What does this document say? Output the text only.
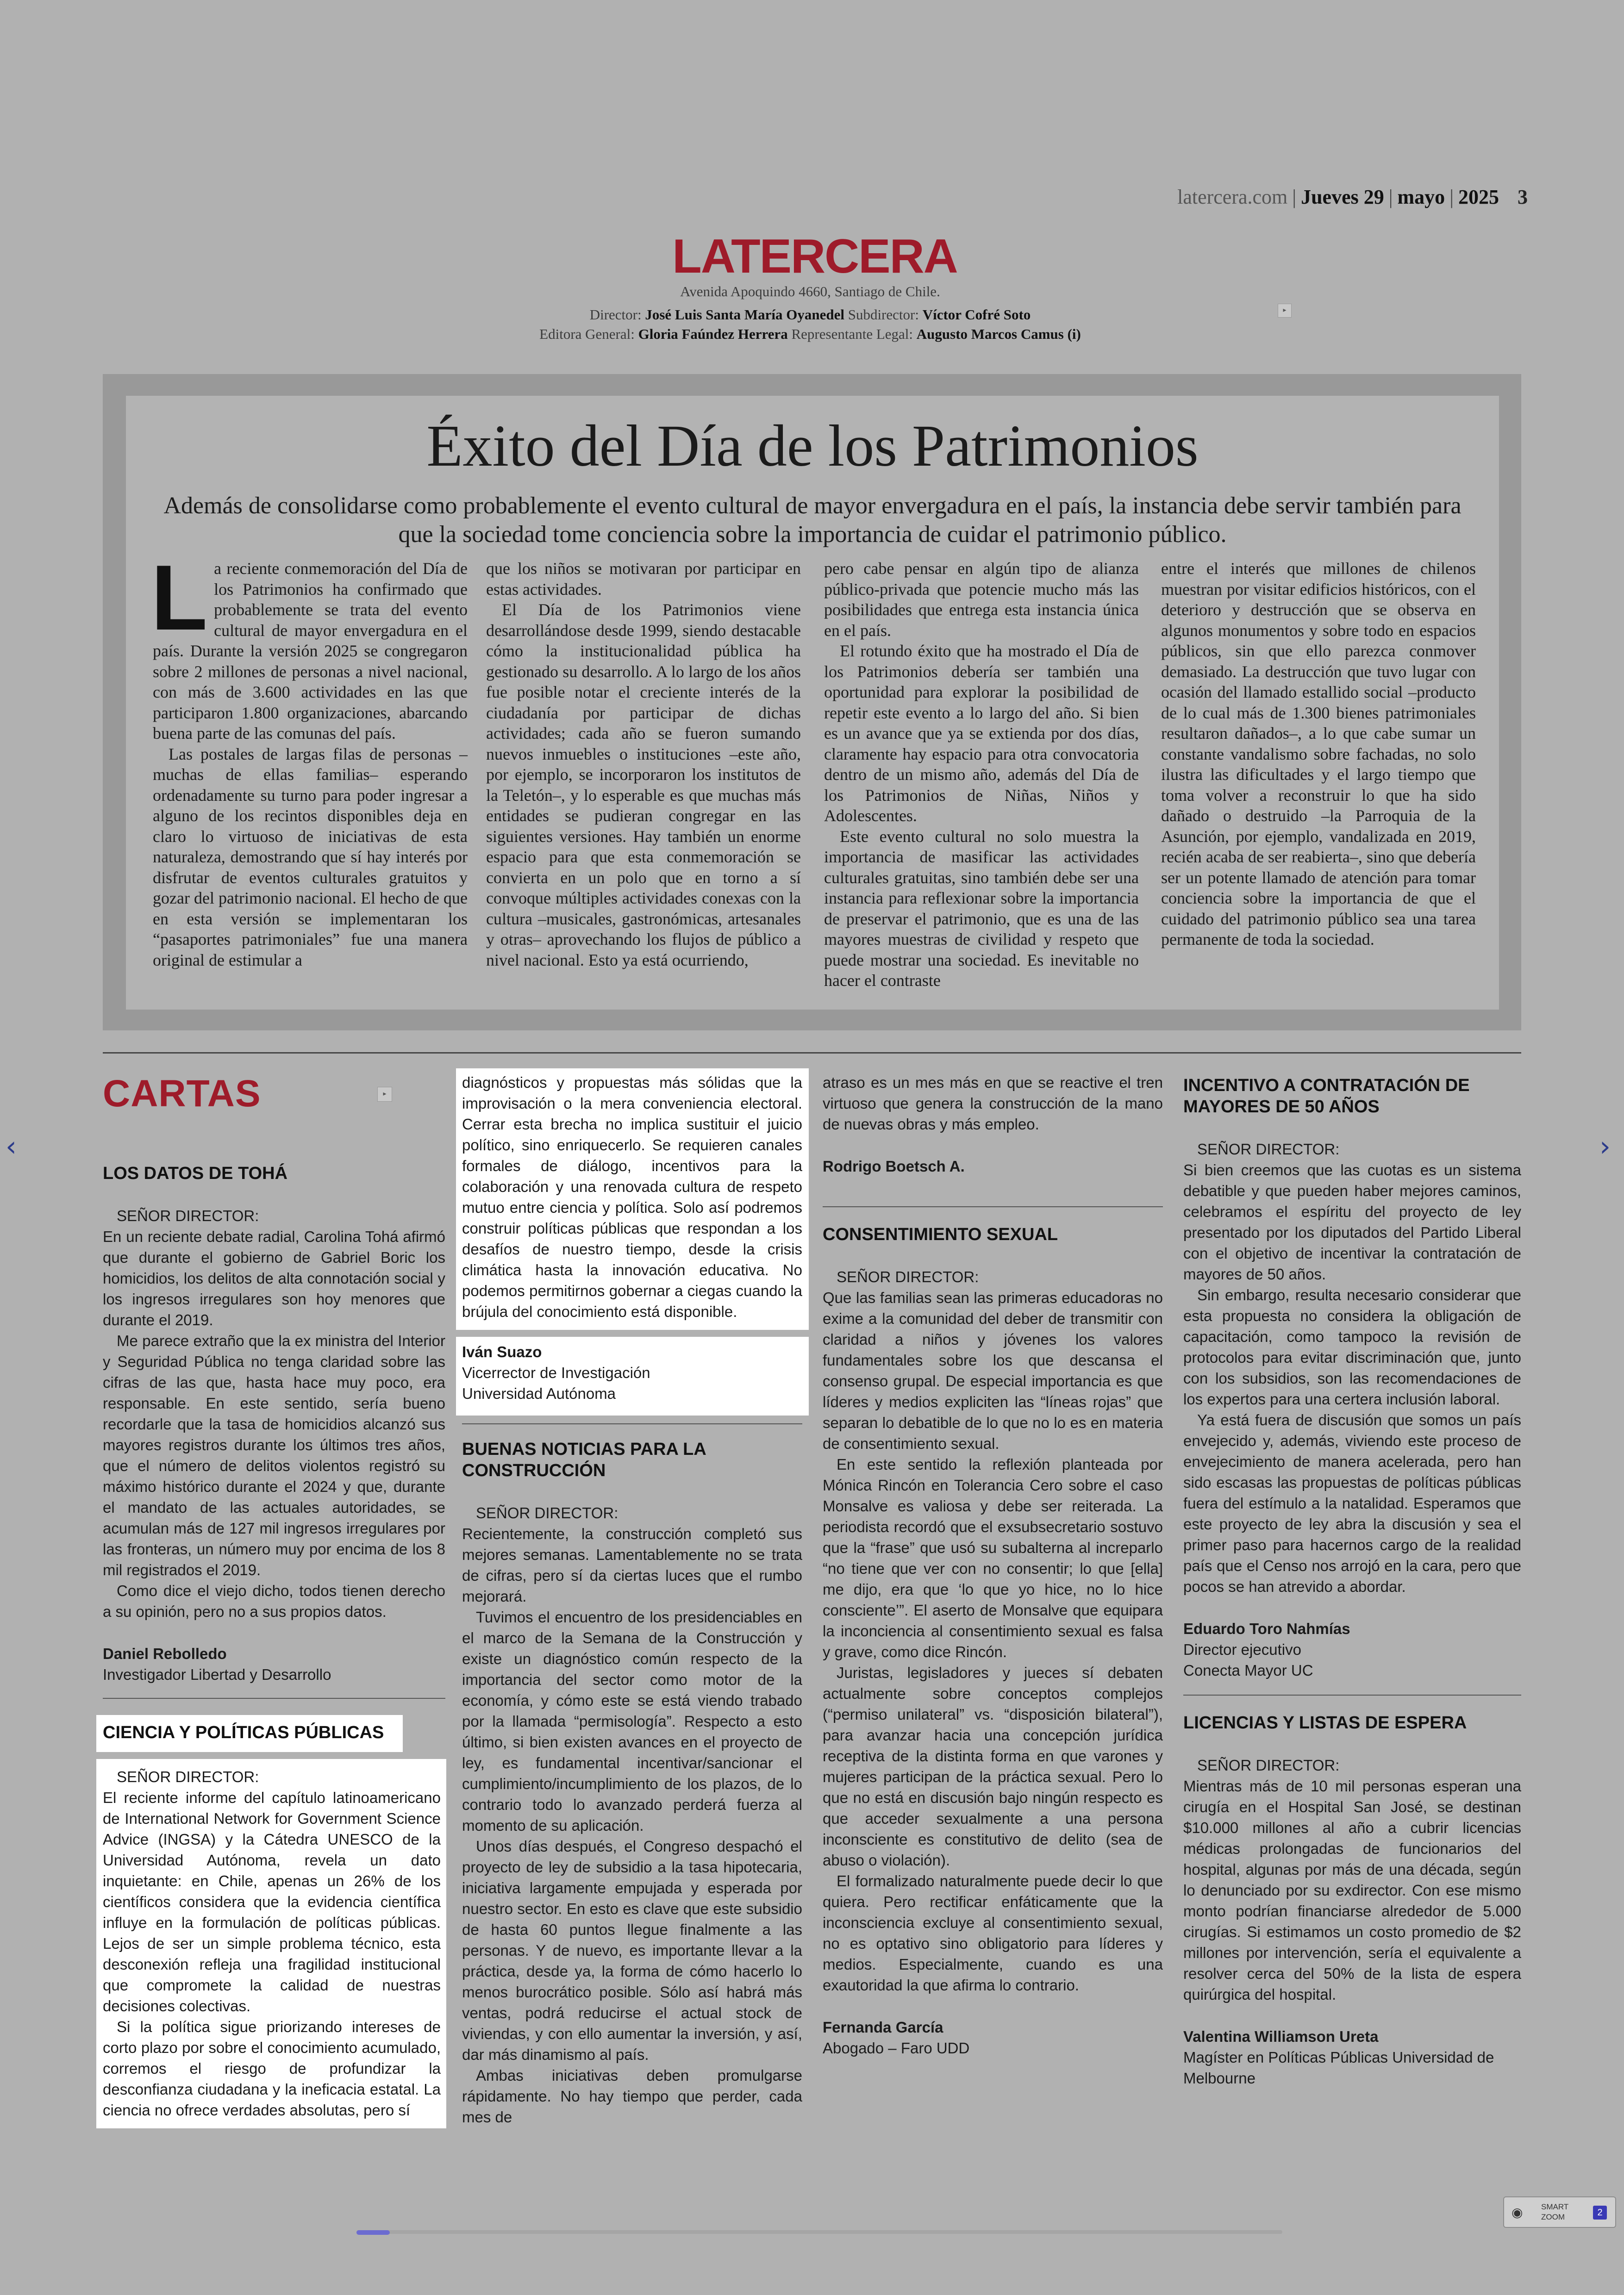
latercera.com | Jueves 29 | mayo | 2025 3
LATERCERA
Avenida Apoquindo 4660, Santiago de Chile.
Director: José Luis Santa María Oyanedel Subdirector: Víctor Cofré Soto
Editora General: Gloria Faúndez Herrera Representante Legal: Augusto Marcos Camus (i)
▸
Éxito del Día de los Patrimonios
Además de consolidarse como probablemente el evento cultural de mayor envergadura en el país, la instancia debe servir también para que la sociedad tome conciencia sobre la importancia de cuidar el patrimonio público.

La reciente conmemoración del Día de los Patrimonios ha confirmado que probablemente se trata del evento cultural de mayor envergadura en el país. Durante la versión 2025 se congregaron sobre 2 millones de personas a nivel nacional, con más de 3.600 actividades en las que participaron 1.800 organizaciones, abarcando buena parte de las comunas del país.

Las postales de largas filas de personas –muchas de ellas familias– esperando ordenadamente su turno para poder ingresar a alguno de los recintos disponibles deja en claro lo virtuoso de iniciativas de esta naturaleza, demostrando que sí hay interés por disfrutar de eventos culturales gratuitos y gozar del patrimonio nacional. El hecho de que en esta versión se implementaran los “pasaportes patrimoniales” fue una manera original de estimular a

que los niños se motivaran por participar en estas actividades.

El Día de los Patrimonios viene desarrollándose desde 1999, siendo destacable cómo la institucionalidad pública ha gestionado su desarrollo. A lo largo de los años fue posible notar el creciente interés de la ciudadanía por participar de dichas actividades; cada año se fueron sumando nuevos inmuebles o instituciones –este año, por ejemplo, se incorporaron los institutos de la Teletón–, y lo esperable es que muchas más entidades se pudieran congregar en las siguientes versiones. Hay también un enorme espacio para que esta conmemoración se convierta en un polo que en torno a sí convoque múltiples actividades conexas con la cultura –musicales, gastronómicas, artesanales y otras– aprovechando los flujos de público a nivel nacional. Esto ya está ocurriendo,

pero cabe pensar en algún tipo de alianza público-privada que potencie mucho más las posibilidades que entrega esta instancia única en el país.

El rotundo éxito que ha mostrado el Día de los Patrimonios debería ser también una oportunidad para explorar la posibilidad de repetir este evento a lo largo del año. Si bien es un avance que ya se extienda por dos días, claramente hay espacio para otra convocatoria dentro de un mismo año, además del Día de los Patrimonios de Niñas, Niños y Adolescentes.

Este evento cultural no solo muestra la importancia de masificar las actividades culturales gratuitas, sino también debe ser una instancia para reflexionar sobre la importancia de preservar el patrimonio, que es una de las mayores muestras de civilidad y respeto que puede mostrar una sociedad. Es inevitable no hacer el contraste

entre el interés que millones de chilenos muestran por visitar edificios históricos, con el deterioro y destrucción que se observa en algunos monumentos y sobre todo en espacios públicos, sin que ello parezca conmover demasiado. La destrucción que tuvo lugar con ocasión del llamado estallido social –producto de lo cual más de 1.300 bienes patrimoniales resultaron dañados–, a lo que cabe sumar un constante vandalismo sobre fachadas, no solo ilustra las dificultades y el largo tiempo que toma volver a reconstruir lo que ha sido dañado o destruido –la Parroquia de la Asunción, por ejemplo, vandalizada en 2019, recién acaba de ser reabierta–, sino que debería ser un potente llamado de atención para tomar conciencia sobre la importancia de que el cuidado del patrimonio público sea una tarea permanente de toda la sociedad.

CARTAS	▸
LOS DATOS DE TOHÁ

SEÑOR DIRECTOR:

En un reciente debate radial, Carolina Tohá afirmó que durante el gobierno de Gabriel Boric los homicidios, los delitos de alta connotación social y los ingresos irregulares son hoy menores que durante el 2019.

Me parece extraño que la ex ministra del Interior y Seguridad Pública no tenga claridad sobre las cifras de las que, hasta hace muy poco, era responsable. En este sentido, sería bueno recordarle que la tasa de homicidios alcanzó sus mayores registros durante los últimos tres años, que el número de delitos violentos registró su máximo histórico durante el 2024 y que, durante el mandato de las actuales autoridades, se acumulan más de 127 mil ingresos irregulares por las fronteras, un número muy por encima de los 8 mil registrados el 2019.

Como dice el viejo dicho, todos tienen derecho a su opinión, pero no a sus propios datos.

Daniel Rebolledo
Investigador Libertad y Desarrollo
CIENCIA Y POLÍTICAS PÚBLICAS

SEÑOR DIRECTOR:

El reciente informe del capítulo latinoamericano de International Network for Government Science Advice (INGSA) y la Cátedra UNESCO de la Universidad Autónoma, revela un dato inquietante: en Chile, apenas un 26% de los científicos considera que la evidencia científica influye en la formulación de políticas públicas. Lejos de ser un simple problema técnico, esta desconexión refleja una fragilidad institucional que compromete la calidad de nuestras decisiones colectivas.

Si la política sigue priorizando intereses de corto plazo por sobre el conocimiento acumulado, corremos el riesgo de profundizar la desconfianza ciudadana y la ineficacia estatal. La ciencia no ofrece verdades absolutas, pero sí

diagnósticos y propuestas más sólidas que la improvisación o la mera conveniencia electoral. Cerrar esta brecha no implica sustituir el juicio político, sino enriquecerlo. Se requieren canales formales de diálogo, incentivos para la colaboración y una renovada cultura de respeto mutuo entre ciencia y política. Solo así podremos construir políticas públicas que respondan a los desafíos de nuestro tiempo, desde la crisis climática hasta la innovación educativa. No podemos permitirnos gobernar a ciegas cuando la brújula del conocimiento está disponible.

Iván Suazo
Vicerrector de Investigación
Universidad Autónoma
BUENAS NOTICIAS PARA LA CONSTRUCCIÓN

SEÑOR DIRECTOR:

Recientemente, la construcción completó sus mejores semanas. Lamentablemente no se trata de cifras, pero sí da ciertas luces que el rumbo mejorará.

Tuvimos el encuentro de los presidenciables en el marco de la Semana de la Construcción y existe un diagnóstico común respecto de la importancia del sector como motor de la economía, y cómo este se está viendo trabado por la llamada “permisología”. Respecto a esto último, si bien existen avances en el proyecto de ley, es fundamental incentivar/sancionar el cumplimiento/incumplimiento de los plazos, de lo contrario todo lo avanzado perderá fuerza al momento de su aplicación.

Unos días después, el Congreso despachó el proyecto de ley de subsidio a la tasa hipotecaria, iniciativa largamente empujada y esperada por nuestro sector. En esto es clave que este subsidio de hasta 60 puntos llegue finalmente a las personas. Y de nuevo, es importante llevar a la práctica, desde ya, la forma de cómo hacerlo lo menos burocrático posible. Sólo así habrá más ventas, podrá reducirse el actual stock de viviendas, y con ello aumentar la inversión, y así, dar más dinamismo al país.

Ambas iniciativas deben promulgarse rápidamente. No hay tiempo que perder, cada mes de

atraso es un mes más en que se reactive el tren virtuoso que genera la construcción de la mano de nuevas obras y más empleo.

Rodrigo Boetsch A.
CONSENTIMIENTO SEXUAL

SEÑOR DIRECTOR:

Que las familias sean las primeras educadoras no exime a la comunidad del deber de transmitir con claridad a niños y jóvenes los valores fundamentales sobre los que descansa el consenso grupal. De especial importancia es que líderes y medios expliciten las “líneas rojas” que separan lo debatible de lo que no lo es en materia de consentimiento sexual.

En este sentido la reflexión planteada por Mónica Rincón en Tolerancia Cero sobre el caso Monsalve es valiosa y debe ser reiterada. La periodista recordó que el exsubsecretario sostuvo que la “frase” que usó su subalterna al increparlo “no tiene que ver con no consentir; lo que [ella] me dijo, era que ‘lo que yo hice, no lo hice consciente’”. El aserto de Monsalve que equipara la inconciencia al consentimiento sexual es falsa y grave, como dice Rincón.

Juristas, legisladores y jueces sí debaten actualmente sobre conceptos complejos (“permiso unilateral” vs. “disposición bilateral”), para avanzar hacia una concepción jurídica receptiva de la distinta forma en que varones y mujeres participan de la práctica sexual. Pero lo que no está en discusión bajo ningún respecto es que acceder sexualmente a una persona inconsciente es constitutivo de delito (sea de abuso o violación).

El formalizado naturalmente puede decir lo que quiera. Pero rectificar enfáticamente que la inconsciencia excluye al consentimiento sexual, no es optativo sino obligatorio para líderes y medios. Especialmente, cuando es una exautoridad la que afirma lo contrario.

Fernanda García
Abogado – Faro UDD
INCENTIVO A CONTRATACIÓN DE MAYORES DE 50 AÑOS

SEÑOR DIRECTOR:

Si bien creemos que las cuotas es un sistema debatible y que pueden haber mejores caminos, celebramos el espíritu del proyecto de ley presentado por los diputados del Partido Liberal con el objetivo de incentivar la contratación de mayores de 50 años.

Sin embargo, resulta necesario considerar que esta propuesta no considera la obligación de capacitación, como tampoco la revisión de protocolos para evitar discriminación que, junto con los subsidios, son las recomendaciones de los expertos para una certera inclusión laboral.

Ya está fuera de discusión que somos un país envejecido y, además, viviendo este proceso de envejecimiento de manera acelerada, pero han sido escasas las propuestas de políticas públicas fuera del estímulo a la natalidad. Esperamos que este proyecto de ley abra la discusión y sea el primer paso para hacernos cargo de la realidad país que el Censo nos arrojó en la cara, pero que pocos se han atrevido a abordar.

Eduardo Toro Nahmías
Director ejecutivo
Conecta Mayor UC
LICENCIAS Y LISTAS DE ESPERA

SEÑOR DIRECTOR:

Mientras más de 10 mil personas esperan una cirugía en el Hospital San José, se destinan $10.000 millones al año a cubrir licencias médicas prolongadas de funcionarios del hospital, algunas por más de una década, según lo denunciado por su exdirector. Con ese mismo monto podrían financiarse alrededor de 5.000 cirugías. Si estimamos un costo promedio de $2 millones por intervención, sería el equivalente a resolver cerca del 50% de la lista de espera quirúrgica del hospital.

Valentina Williamson Ureta
Magíster en Políticas Públicas Universidad de Melbourne
‹	›
◉ SMART ZOOM	2
